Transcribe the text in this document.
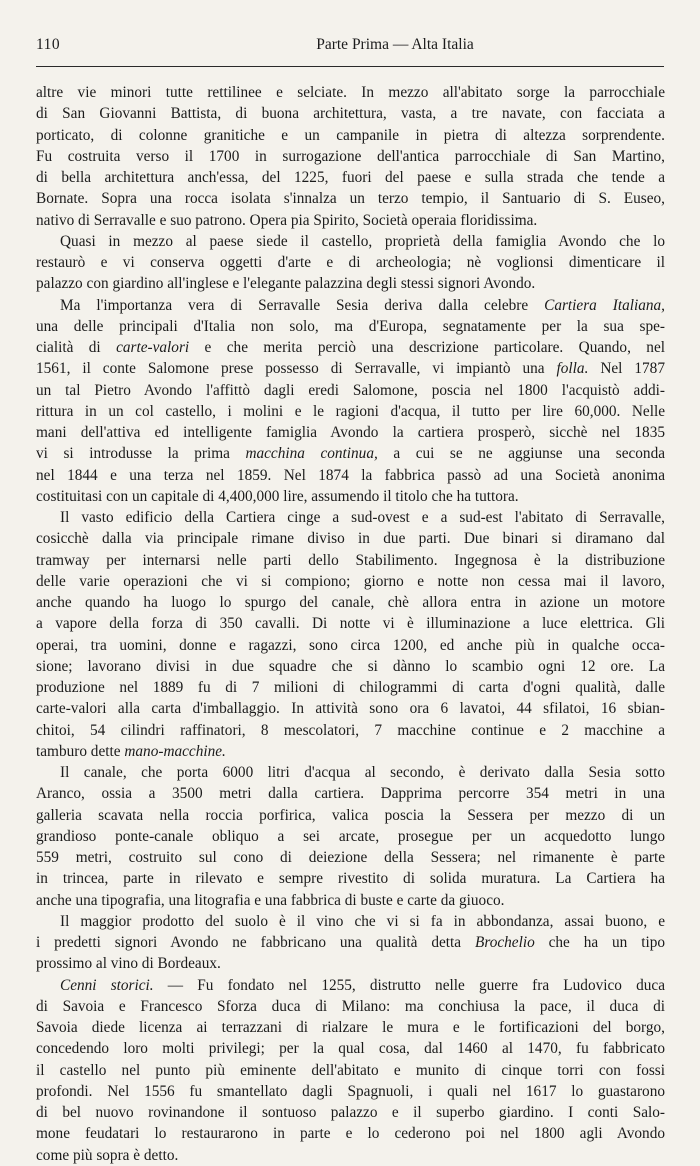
110	Parte Prima — Alta Italia
altre vie minori tutte rettilinee e selciate. In mezzo all'abitato sorge la parrocchiale
di San Giovanni Battista, di buona architettura, vasta, a tre navate, con facciata a
porticato, di colonne granitiche e un campanile in pietra di altezza sorprendente.
Fu costruita verso il 1700 in surrogazione dell'antica parrocchiale di San Martino,
di bella architettura anch'essa, del 1225, fuori del paese e sulla strada che tende a
Bornate. Sopra una rocca isolata s'innalza un terzo tempio, il Santuario di S. Euseo,
nativo di Serravalle e suo patrono. Opera pia Spirito, Società operaia floridissima.
Quasi in mezzo al paese siede il castello, proprietà della famiglia Avondo che lo
restaurò e vi conserva oggetti d'arte e di archeologia; nè voglionsi dimenticare il
palazzo con giardino all'inglese e l'elegante palazzina degli stessi signori Avondo.
Ma l'importanza vera di Serravalle Sesia deriva dalla celebre Cartiera Italiana,
una delle principali d'Italia non solo, ma d'Europa, segnatamente per la sua spe-
cialità di carte-valori e che merita perciò una descrizione particolare. Quando, nel
1561, il conte Salomone prese possesso di Serravalle, vi impiantò una folla. Nel 1787
un tal Pietro Avondo l'affittò dagli eredi Salomone, poscia nel 1800 l'acquistò addi-
rittura in un col castello, i molini e le ragioni d'acqua, il tutto per lire 60,000. Nelle
mani dell'attiva ed intelligente famiglia Avondo la cartiera prosperò, sicchè nel 1835
vi si introdusse la prima macchina continua, a cui se ne aggiunse una seconda
nel 1844 e una terza nel 1859. Nel 1874 la fabbrica passò ad una Società anonima
costituitasi con un capitale di 4,400,000 lire, assumendo il titolo che ha tuttora.
Il vasto edificio della Cartiera cinge a sud-ovest e a sud-est l'abitato di Serravalle,
cosicchè dalla via principale rimane diviso in due parti. Due binari si diramano dal
tramway per internarsi nelle parti dello Stabilimento. Ingegnosa è la distribuzione
delle varie operazioni che vi si compiono; giorno e notte non cessa mai il lavoro,
anche quando ha luogo lo spurgo del canale, chè allora entra in azione un motore
a vapore della forza di 350 cavalli. Di notte vi è illuminazione a luce elettrica. Gli
operai, tra uomini, donne e ragazzi, sono circa 1200, ed anche più in qualche occa-
sione; lavorano divisi in due squadre che si dànno lo scambio ogni 12 ore. La
produzione nel 1889 fu di 7 milioni di chilogrammi di carta d'ogni qualità, dalle
carte-valori alla carta d'imballaggio. In attività sono ora 6 lavatoi, 44 sfilatoi, 16 sbian-
chitoi, 54 cilindri raffinatori, 8 mescolatori, 7 macchine continue e 2 macchine a
tamburo dette mano-macchine.
Il canale, che porta 6000 litri d'acqua al secondo, è derivato dalla Sesia sotto
Aranco, ossia a 3500 metri dalla cartiera. Dapprima percorre 354 metri in una
galleria scavata nella roccia porfirica, valica poscia la Sessera per mezzo di un
grandioso ponte-canale obliquo a sei arcate, prosegue per un acquedotto lungo
559 metri, costruito sul cono di deiezione della Sessera; nel rimanente è parte
in trincea, parte in rilevato e sempre rivestito di solida muratura. La Cartiera ha
anche una tipografia, una litografia e una fabbrica di buste e carte da giuoco.
Il maggior prodotto del suolo è il vino che vi si fa in abbondanza, assai buono, e
i predetti signori Avondo ne fabbricano una qualità detta Brochelio che ha un tipo
prossimo al vino di Bordeaux.
Cenni storici. — Fu fondato nel 1255, distrutto nelle guerre fra Ludovico duca
di Savoia e Francesco Sforza duca di Milano: ma conchiusa la pace, il duca di
Savoia diede licenza ai terrazzani di rialzare le mura e le fortificazioni del borgo,
concedendo loro molti privilegi; per la qual cosa, dal 1460 al 1470, fu fabbricato
il castello nel punto più eminente dell'abitato e munito di cinque torri con fossi
profondi. Nel 1556 fu smantellato dagli Spagnuoli, i quali nel 1617 lo guastarono
di bel nuovo rovinandone il sontuoso palazzo e il superbo giardino. I conti Salo-
mone feudatari lo restaurarono in parte e lo cederono poi nel 1800 agli Avondo
come più sopra è detto.
